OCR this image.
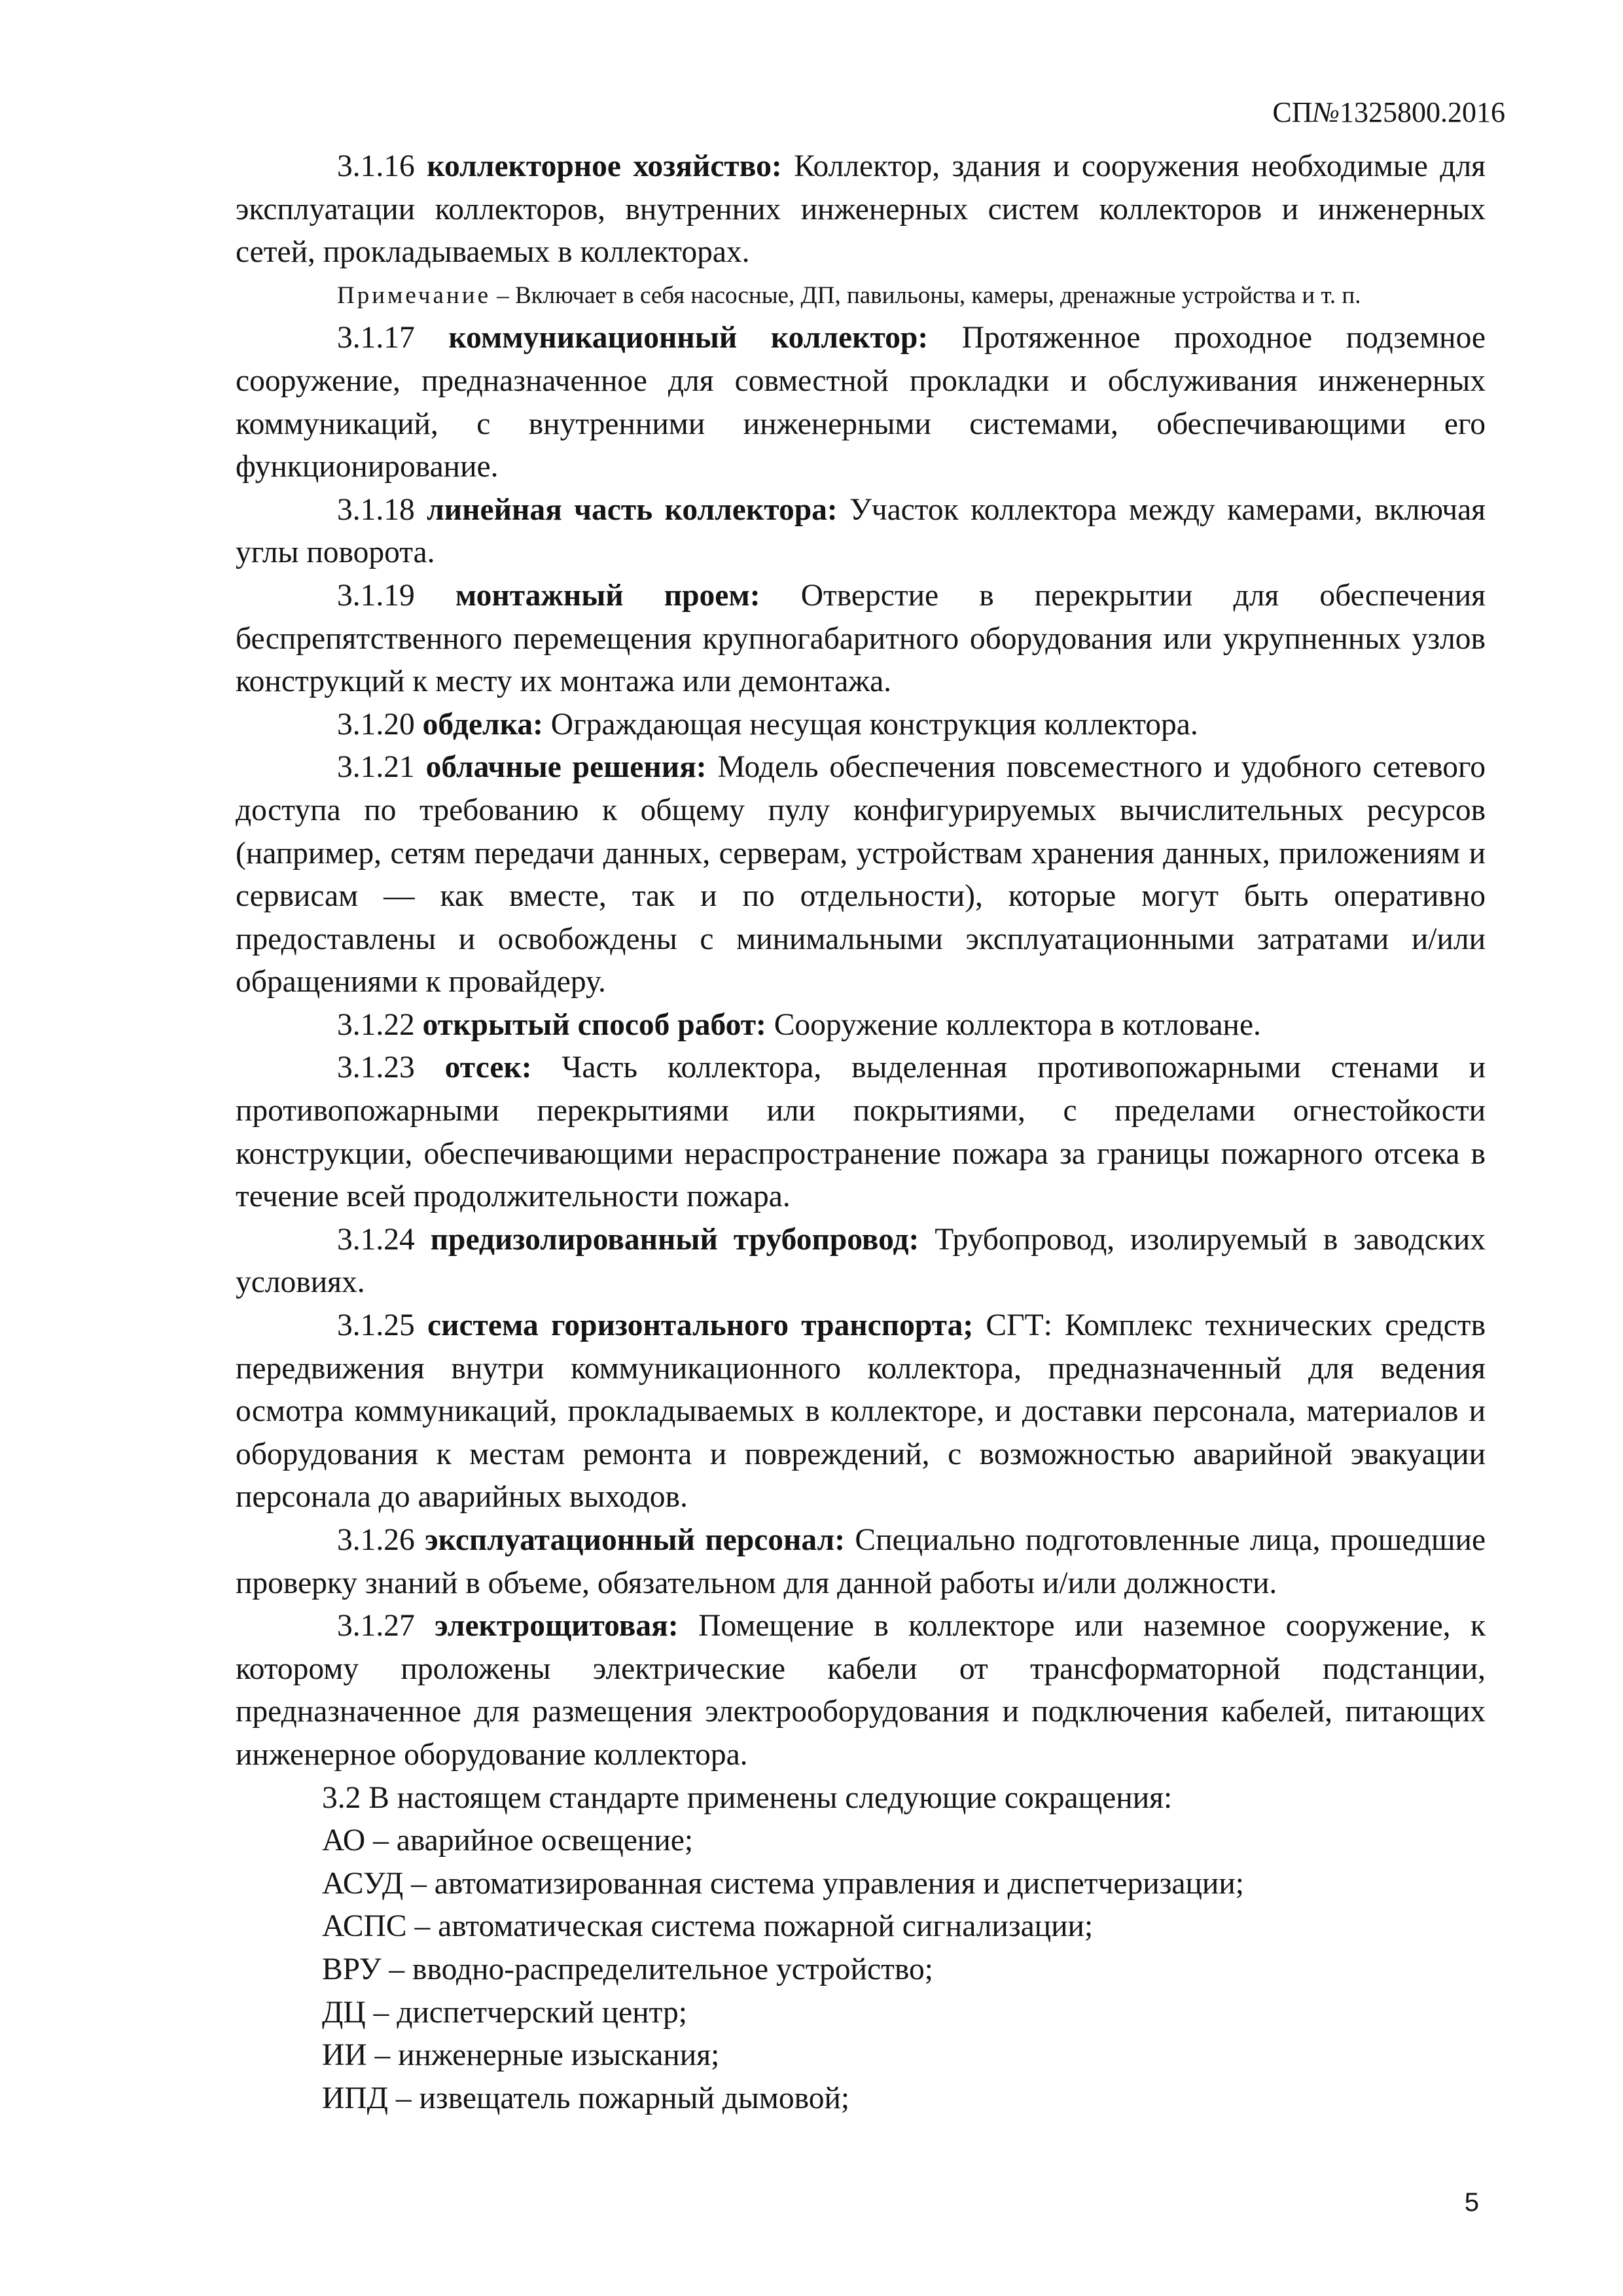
СП№1325800.2016

3.1.16 коллекторное хозяйство: Коллектор, здания и сооружения необходимые для эксплуатации коллекторов, внутренних инженерных систем коллекторов и инженерных сетей, прокладываемых в коллекторах.

Примечание – Включает в себя насосные, ДП, павильоны, камеры, дренажные устройства и т. п.

3.1.17 коммуникационный коллектор: Протяженное проходное подземное сооружение, предназначенное для совместной прокладки и обслуживания инженерных коммуникаций, с внутренними инженерными системами, обеспечивающими его функционирование.

3.1.18 линейная часть коллектора: Участок коллектора между камерами, включая углы поворота.

3.1.19 монтажный проем: Отверстие в перекрытии для обеспечения беспрепятственного перемещения крупногабаритного оборудования или укрупненных узлов конструкций к месту их монтажа или демонтажа.

3.1.20 обделка: Ограждающая несущая конструкция коллектора.

3.1.21 облачные решения: Модель обеспечения повсеместного и удобного сетевого доступа по требованию к общему пулу конфигурируемых вычислительных ресурсов (например, сетям передачи данных, серверам, устройствам хранения данных, приложениям и сервисам — как вместе, так и по отдельности), которые могут быть оперативно предоставлены и освобождены с минимальными эксплуатационными затратами и/или обращениями к провайдеру.

3.1.22 открытый способ работ: Сооружение коллектора в котловане.

3.1.23 отсек: Часть коллектора, выделенная противопожарными стенами и противопожарными перекрытиями или покрытиями, с пределами огнестойкости конструкции, обеспечивающими нераспространение пожара за границы пожарного отсека в течение всей продолжительности пожара.

3.1.24 предизолированный трубопровод: Трубопровод, изолируемый в заводских условиях.

3.1.25 система горизонтального транспорта; СГТ: Комплекс технических средств передвижения внутри коммуникационного коллектора, предназначенный для ведения осмотра коммуникаций, прокладываемых в коллекторе, и доставки персонала, материалов и оборудования к местам ремонта и повреждений, с возможностью аварийной эвакуации персонала до аварийных выходов.

3.1.26 эксплуатационный персонал: Специально подготовленные лица, прошедшие проверку знаний в объеме, обязательном для данной работы и/или должности.

3.1.27 электрощитовая: Помещение в коллекторе или наземное сооружение, к которому проложены электрические кабели от трансформаторной подстанции, предназначенное для размещения электрооборудования и подключения кабелей, питающих инженерное оборудование коллектора.

3.2 В настоящем стандарте применены следующие сокращения:

АО – аварийное освещение;

АСУД – автоматизированная система управления и диспетчеризации;

АСПС – автоматическая система пожарной сигнализации;

ВРУ – вводно-распределительное устройство;

ДЦ – диспетчерский центр;

ИИ – инженерные изыскания;

ИПД – извещатель пожарный дымовой;

5
